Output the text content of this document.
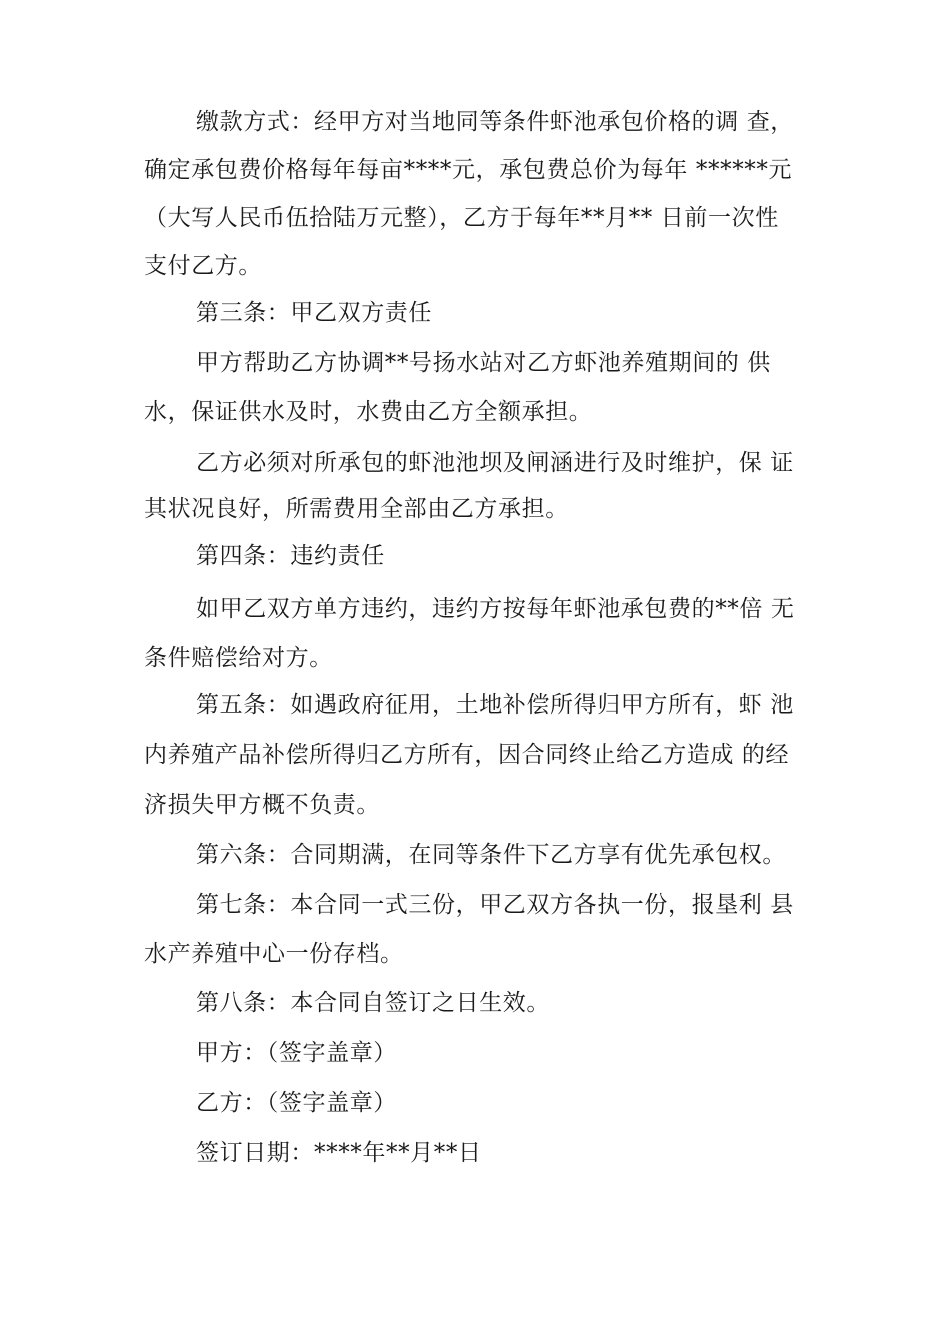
缴款方式：经甲方对当地同等条件虾池承包价格的调 查，
确定承包费价格每年每亩****元，承包费总价为每年 ******元
（大写人民币伍拾陆万元整），乙方于每年**月** 日前一次性
支付乙方。
第三条：甲乙双方责任
甲方帮助乙方协调**号扬水站对乙方虾池养殖期间的 供
水，保证供水及时，水费由乙方全额承担。
乙方必须对所承包的虾池池坝及闸涵进行及时维护，保 证
其状况良好，所需费用全部由乙方承担。
第四条：违约责任
如甲乙双方单方违约，违约方按每年虾池承包费的**倍 无
条件赔偿给对方。
第五条：如遇政府征用，土地补偿所得归甲方所有，虾 池
内养殖产品补偿所得归乙方所有，因合同终止给乙方造成 的经
济损失甲方概不负责。
第六条：合同期满，在同等条件下乙方享有优先承包权。
第七条：本合同一式三份，甲乙双方各执一份，报垦利 县
水产养殖中心一份存档。
第八条：本合同自签订之日生效。
甲方：（签字盖章）
乙方：（签字盖章）
签订日期：****年**月**日
